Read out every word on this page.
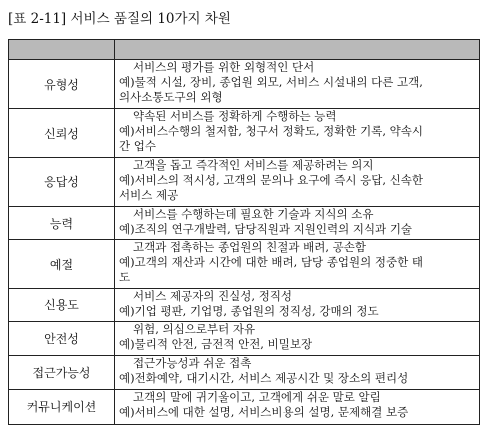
[표 2-11] 서비스 품질의 10가지 차원

유형성	서비스의 평가를 위한 외형적인 단서
예)물적 시설, 장비, 종업원 외모, 서비스 시설내의 다른 고객,
의사소통도구의 외형

신뢰성	약속된 서비스를 정확하게 수행하는 능력
예)서비스수행의 철저함, 청구서 정확도, 정확한 기록, 약속시
간 업수

응답성	고객을 돕고 즉각적인 서비스를 제공하려는 의지
예)서비스의 적시성, 고객의 문의나 요구에 즉시 응답, 신속한
서비스 제공

능력	서비스를 수행하는데 필요한 기술과 지식의 소유
예)조직의 연구개발력, 담당직원과 지원인력의 지식과 기술

예절	고객과 접촉하는 종업원의 친절과 배려, 공손함
예)고객의 재산과 시간에 대한 배려, 담당 종업원의 정중한 태
도

신용도	서비스 제공자의 진실성, 정직성
예)기업 평판, 기업명, 종업원의 정직성, 강매의 정도

안전성	위험, 의심으로부터 자유
예)물리적 안전, 금전적 안전, 비밀보장

접근가능성	접근가능성과 쉬운 접촉
예)전화예약, 대기시간, 서비스 제공시간 및 장소의 편리성

커뮤니케이션	고객의 말에 귀기울이고, 고객에게 쉬운 말로 알림
예)서비스에 대한 설명, 서비스비용의 설명, 문제해결 보증
